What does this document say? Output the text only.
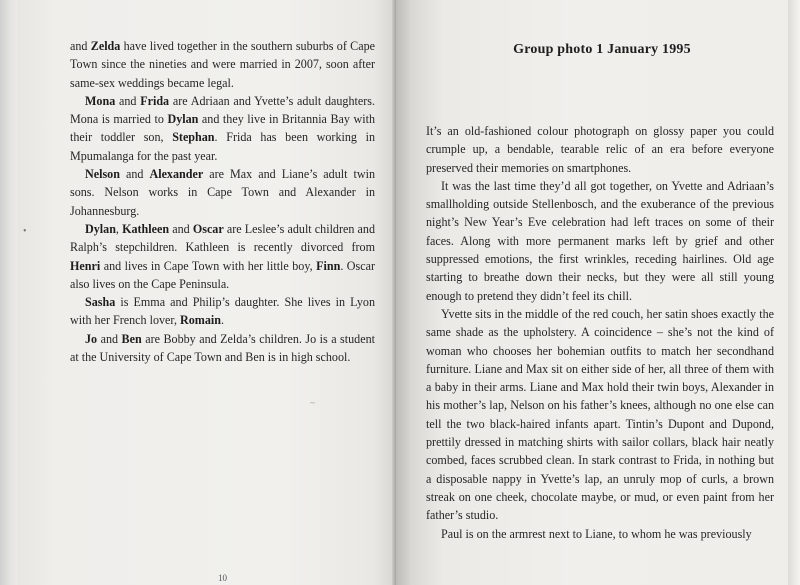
and Zelda have lived together in the southern suburbs of Cape Town since the nineties and were married in 2007, soon after same-sex weddings became legal.

Mona and Frida are Adriaan and Yvette’s adult daughters. Mona is married to Dylan and they live in Britannia Bay with their toddler son, Stephan. Frida has been working in Mpumalanga for the past year.

Nelson and Alexander are Max and Liane’s adult twin sons. Nelson works in Cape Town and Alexander in Johannesburg.

Dylan, Kathleen and Oscar are Leslee’s adult children and Ralph’s stepchildren. Kathleen is recently divorced from Henri and lives in Cape Town with her little boy, Finn. Oscar also lives on the Cape Peninsula.

Sasha is Emma and Philip’s daughter. She lives in Lyon with her French lover, Romain.

Jo and Ben are Bobby and Zelda’s children. Jo is a student at the University of Cape Town and Ben is in high school.

~
10
Group photo 1 January 1995

It’s an old-fashioned colour photograph on glossy paper you could crumple up, a bendable, tearable relic of an era before everyone preserved their memories on smartphones.

It was the last time they’d all got together, on Yvette and Adriaan’s smallholding outside Stellenbosch, and the exuberance of the previous night’s New Year’s Eve celebration had left traces on some of their faces. Along with more permanent marks left by grief and other suppressed emotions, the first wrinkles, receding hairlines. Old age starting to breathe down their necks, but they were all still young enough to pretend they didn’t feel its chill.

Yvette sits in the middle of the red couch, her satin shoes exactly the same shade as the upholstery. A coincidence – she’s not the kind of woman who chooses her bohemian outfits to match her secondhand furniture. Liane and Max sit on either side of her, all three of them with a baby in their arms. Liane and Max hold their twin boys, Alexander in his mother’s lap, Nelson on his father’s knees, although no one else can tell the two black-haired infants apart. Tintin’s Dupont and Dupond, prettily dressed in matching shirts with sailor collars, black hair neatly combed, faces scrubbed clean. In stark contrast to Frida, in nothing but a disposable nappy in Yvette’s lap, an unruly mop of curls, a brown streak on one cheek, chocolate maybe, or mud, or even paint from her father’s studio.

Paul is on the armrest next to Liane, to whom he was previously

•
